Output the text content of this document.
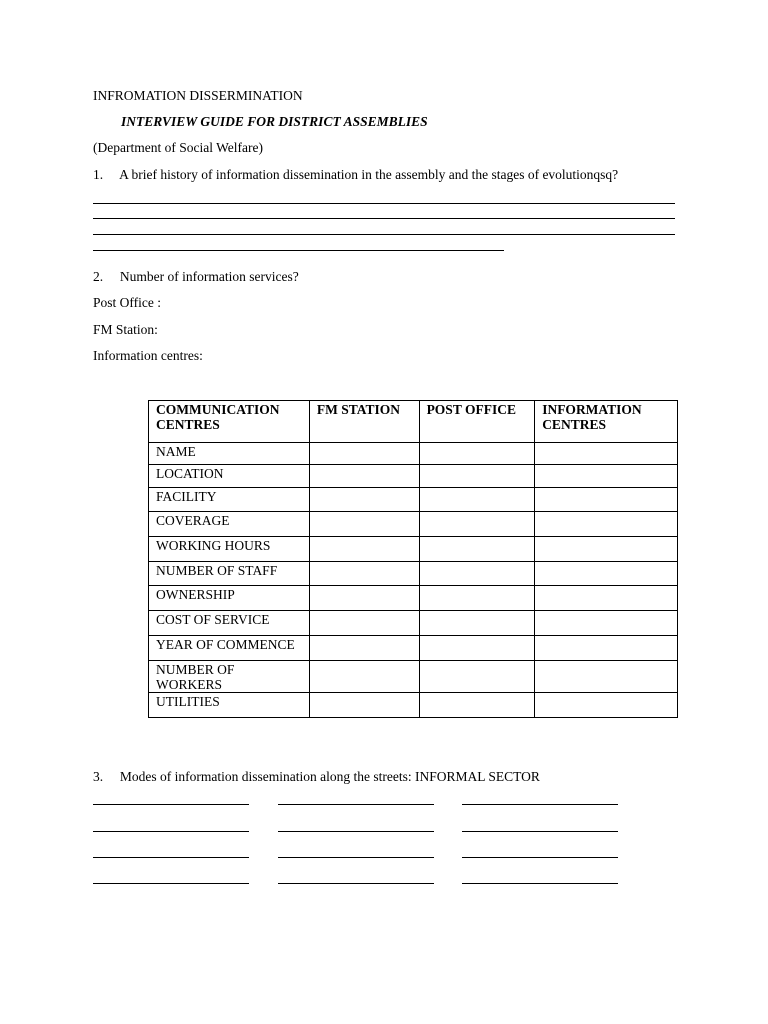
INFROMATION DISSERMINATION
INTERVIEW GUIDE FOR DISTRICT ASSEMBLIES
(Department of Social Welfare)
1. A brief history of information dissemination in the assembly and the stages of evolutionqsq?
2. Number of information services?
Post Office :
FM Station:
Information centres:
COMMUNICATION CENTRES	FM STATION	POST OFFICE	INFORMATION CENTRES
NAME			
LOCATION			
FACILITY			
COVERAGE			
WORKING HOURS			
NUMBER OF STAFF			
OWNERSHIP			
COST OF SERVICE			
YEAR OF COMMENCE			
NUMBER OF WORKERS			
UTILITIES			
3. Modes of information dissemination along the streets: INFORMAL SECTOR
